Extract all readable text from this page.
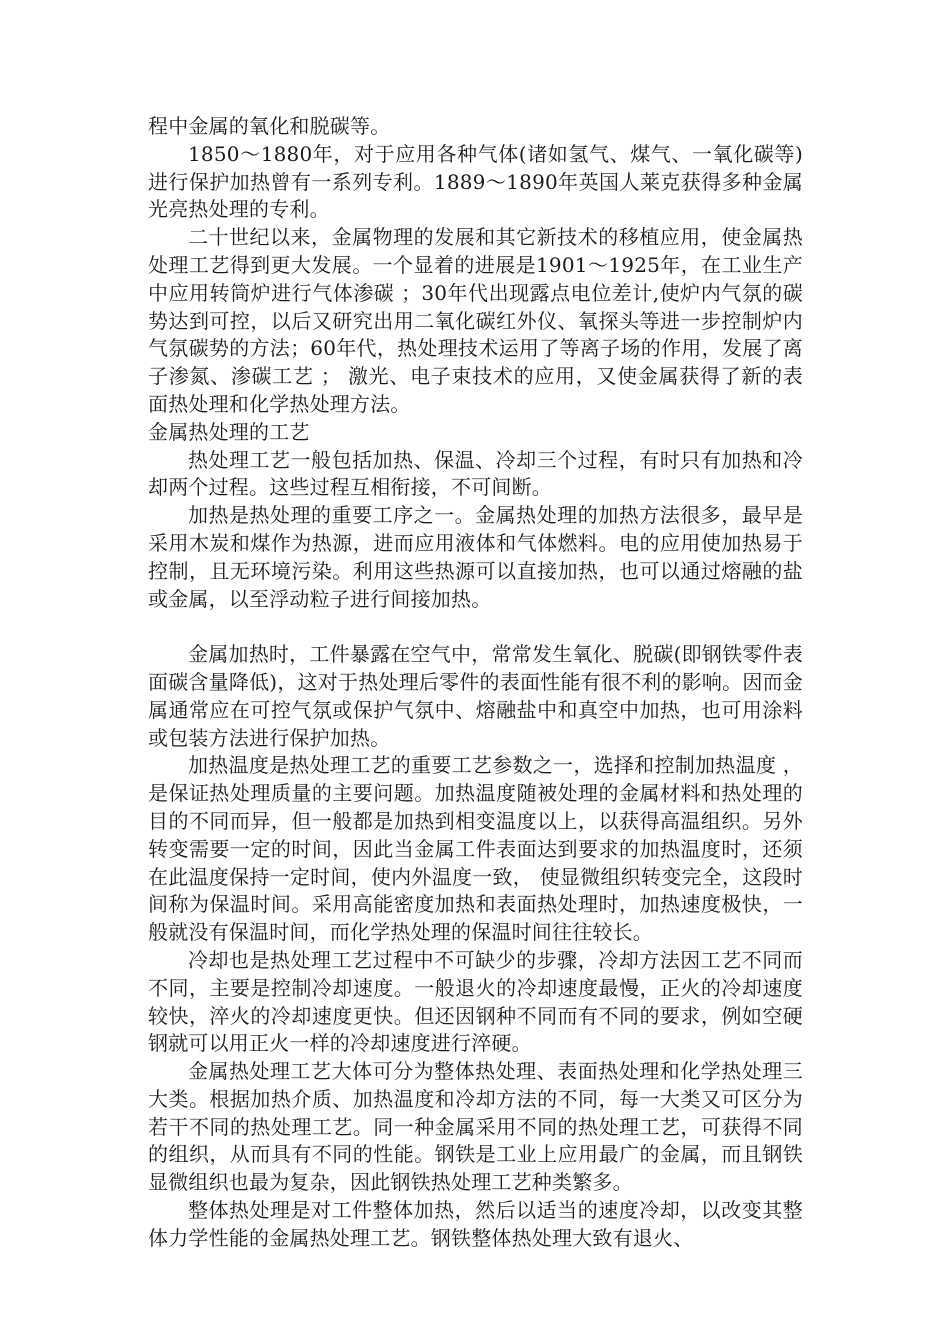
程中金属的氧化和脱碳等。

1850～1880年，对于应用各种气体(诸如氢气、煤气、一氧化碳等)进行保护加热曾有一系列专利。1889～1890年英国人莱克获得多种金属光亮热处理的专利。

二十世纪以来，金属物理的发展和其它新技术的移植应用，使金属热处理工艺得到更大发展。一个显着的进展是1901～1925年，在工业生产中应用转筒炉进行气体渗碳 ；30年代出现露点电位差计,使炉内气氛的碳势达到可控，以后又研究出用二氧化碳红外仪、氧探头等进一步控制炉内气氛碳势的方法；60年代，热处理技术运用了等离子场的作用，发展了离子渗氮、渗碳工艺 ； 激光、电子束技术的应用，又使金属获得了新的表面热处理和化学热处理方法。

金属热处理的工艺

热处理工艺一般包括加热、保温、冷却三个过程，有时只有加热和冷却两个过程。这些过程互相衔接，不可间断。

加热是热处理的重要工序之一。金属热处理的加热方法很多，最早是采用木炭和煤作为热源，进而应用液体和气体燃料。电的应用使加热易于控制，且无环境污染。利用这些热源可以直接加热，也可以通过熔融的盐或金属，以至浮动粒子进行间接加热。

金属加热时，工件暴露在空气中，常常发生氧化、脱碳(即钢铁零件表面碳含量降低)，这对于热处理后零件的表面性能有很不利的影响。因而金属通常应在可控气氛或保护气氛中、熔融盐中和真空中加热，也可用涂料或包装方法进行保护加热。

加热温度是热处理工艺的重要工艺参数之一，选择和控制加热温度 ，是保证热处理质量的主要问题。加热温度随被处理的金属材料和热处理的目的不同而异，但一般都是加热到相变温度以上，以获得高温组织。另外转变需要一定的时间，因此当金属工件表面达到要求的加热温度时，还须在此温度保持一定时间，使内外温度一致， 使显微组织转变完全，这段时间称为保温时间。采用高能密度加热和表面热处理时，加热速度极快，一般就没有保温时间，而化学热处理的保温时间往往较长。

冷却也是热处理工艺过程中不可缺少的步骤，冷却方法因工艺不同而不同，主要是控制冷却速度。一般退火的冷却速度最慢，正火的冷却速度较快，淬火的冷却速度更快。但还因钢种不同而有不同的要求，例如空硬钢就可以用正火一样的冷却速度进行淬硬。

金属热处理工艺大体可分为整体热处理、表面热处理和化学热处理三大类。根据加热介质、加热温度和冷却方法的不同，每一大类又可区分为若干不同的热处理工艺。同一种金属采用不同的热处理工艺，可获得不同的组织，从而具有不同的性能。钢铁是工业上应用最广的金属，而且钢铁显微组织也最为复杂，因此钢铁热处理工艺种类繁多。

整体热处理是对工件整体加热，然后以适当的速度冷却，以改变其整体力学性能的金属热处理工艺。钢铁整体热处理大致有退火、
